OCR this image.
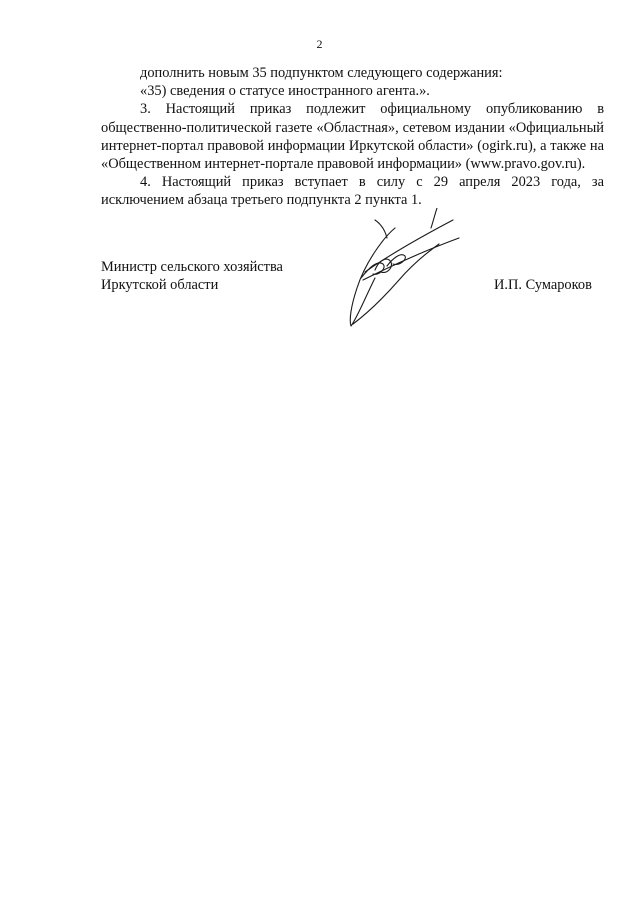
2

дополнить новым 35 подпунктом следующего содержания:

«35) сведения о статусе иностранного агента.».

3. Настоящий приказ подлежит официальному опубликованию в общественно-политической газете «Областная», сетевом издании «Официальный интернет-портал правовой информации Иркутской области» (ogirk.ru), а также на «Общественном интернет-портале правовой информации» (www.pravo.gov.ru).

4. Настоящий приказ вступает в силу с 29 апреля 2023 года, за исключением абзаца третьего подпункта 2 пункта 1.

Министр сельского хозяйства
Иркутской области	И.П. Сумароков
